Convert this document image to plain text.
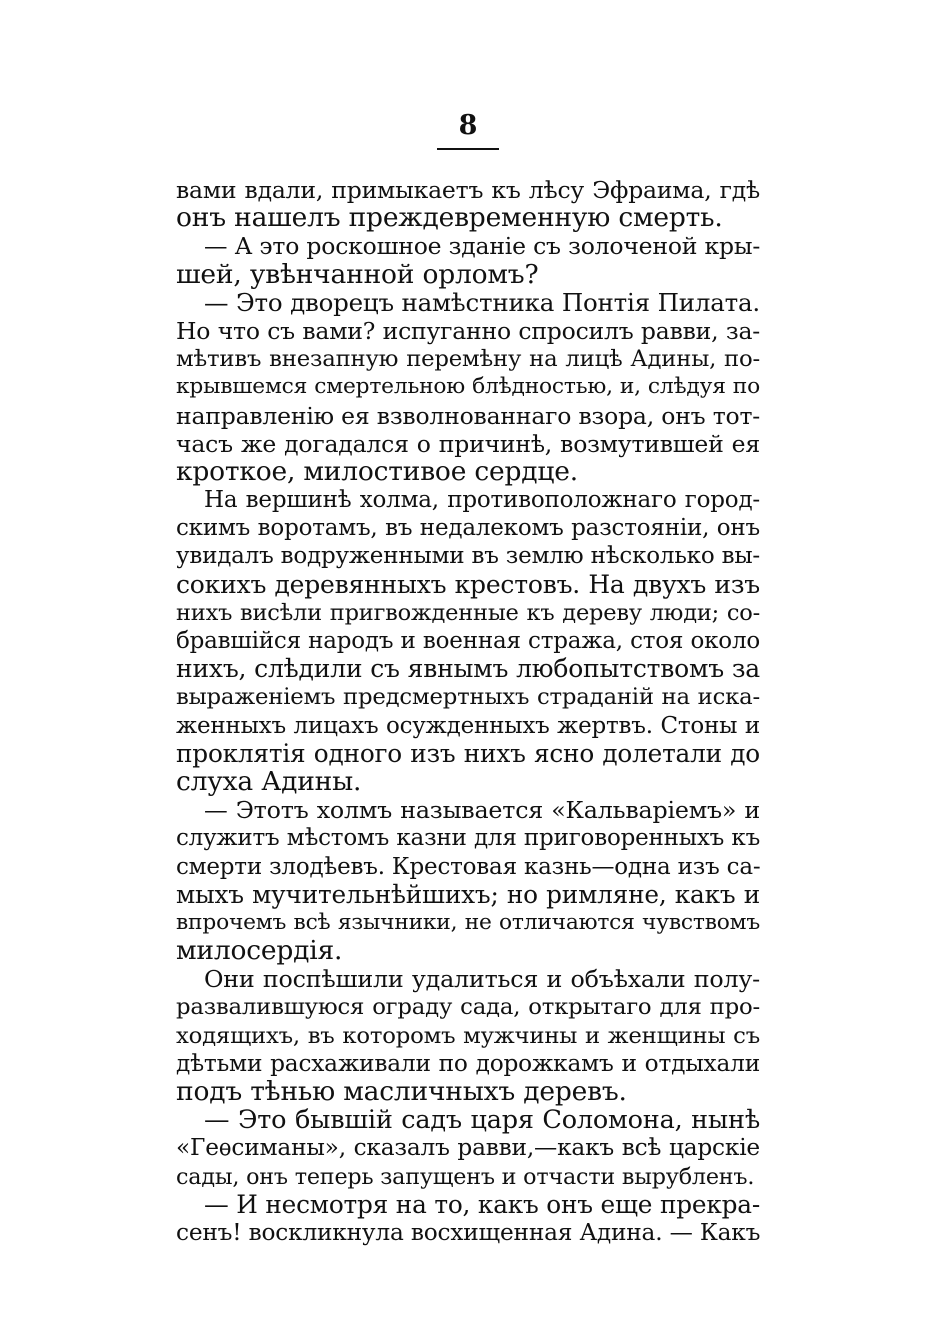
8
вами вдали, примыкаетъ къ лѣсу Эфраима, гдѣ
онъ нашелъ преждевременную смерть.
— А это роскошное зданіе съ золоченой кры-
шей, увѣнчанной орломъ?
— Это дворецъ намѣстника Понтія Пилата.
Но что съ вами? испуганно спросилъ равви, за-
мѣтивъ внезапную перемѣну на лицѣ Адины, по-
крывшемся смертельною блѣдностью, и, слѣдуя по
направленію ея взволнованнаго взора, онъ тот-
часъ же догадался о причинѣ, возмутившей ея
кроткое, милостивое сердце.
На вершинѣ холма, противоположнаго город-
скимъ воротамъ, въ недалекомъ разстояніи, онъ
увидалъ водруженными въ землю нѣсколько вы-
сокихъ деревянныхъ крестовъ. На двухъ изъ
нихъ висѣли пригвожденные къ дереву люди; со-
бравшійся народъ и военная стража, стоя около
нихъ, слѣдили съ явнымъ любопытствомъ за
выраженіемъ предсмертныхъ страданій на иска-
женныхъ лицахъ осужденныхъ жертвъ. Стоны и
проклятія одного изъ нихъ ясно долетали до
слуха Адины.
— Этотъ холмъ называется «Кальваріемъ» и
служитъ мѣстомъ казни для приговоренныхъ къ
смерти злодѣевъ. Крестовая казнь—одна изъ са-
мыхъ мучительнѣйшихъ; но римляне, какъ и
впрочемъ всѣ язычники, не отличаются чувствомъ
милосердія.
Они поспѣшили удалиться и объѣхали полу-
развалившуюся ограду сада, открытаго для про-
ходящихъ, въ которомъ мужчины и женщины съ
дѣтьми расхаживали по дорожкамъ и отдыхали
подъ тѣнью масличныхъ деревъ.
— Это бывшій садъ царя Соломона, нынѣ
«Геѳсиманы», сказалъ равви,—какъ всѣ царскіе
сады, онъ теперь запущенъ и отчасти вырубленъ.
— И несмотря на то, какъ онъ еще прекра-
сенъ! воскликнула восхищенная Адина. — Какъ
